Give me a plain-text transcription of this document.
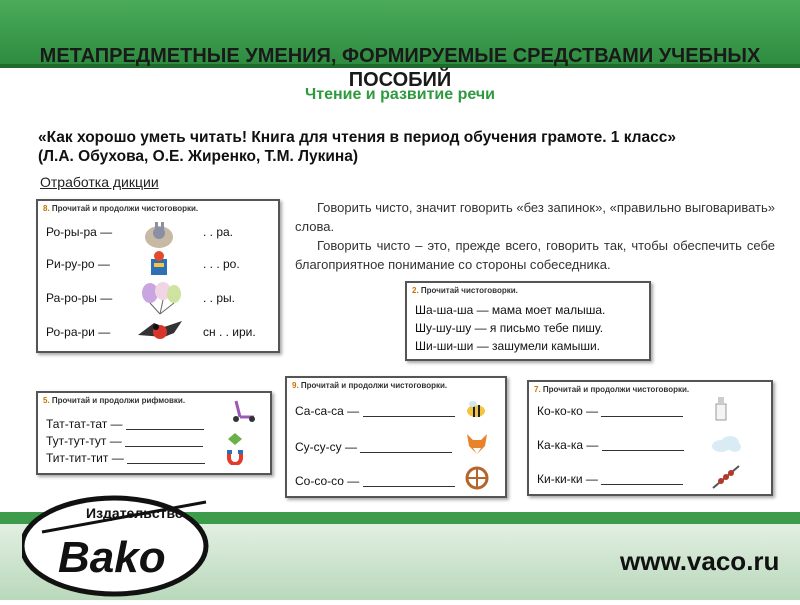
МЕТАПРЕДМЕТНЫЕ УМЕНИЯ, ФОРМИРУЕМЫЕ СРЕДСТВАМИ УЧЕБНЫХ ПОСОБИЙ
Чтение и развитие речи
«Как хорошо уметь читать! Книга для чтения в период обучения грамоте. 1 класс»
(Л.А. Обухова, О.Е. Жиренко, Т.М. Лукина)
Отработка дикции

Говорить чисто, значит говорить «без запинок», «правильно выговаривать» слова.

Говорить чисто – это, прежде всего, говорить так, чтобы обеспечить себе благоприятное понимание со стороны собеседника.

8. Прочитай и продолжи чистоговорки.
Ро-ры-ра —
Ри-ру-ро —
Ра-ро-ры —
Ро-ра-ри —
. . ра.
. . . ро.
. . ры.
сн . . ири.
2. Прочитай чистоговорки.
Ша-ша-ша — мама моет малыша.
Шу-шу-шу — я письмо тебе пишу.
Ши-ши-ши — зашумели камыши.
5. Прочитай и продолжи рифмовки.
Тат-тат-тат —

Тут-тут-тут —

Тит-тит-тит —

9. Прочитай и продолжи чистоговорки.
Са-са-са —

Су-су-су —

Со-со-со —

7. Прочитай и продолжи чистоговорки.
Ко-ко-ко —

Ка-ка-ка —

Ки-ки-ки —

Издательство
Bako	www.vaco.ru
